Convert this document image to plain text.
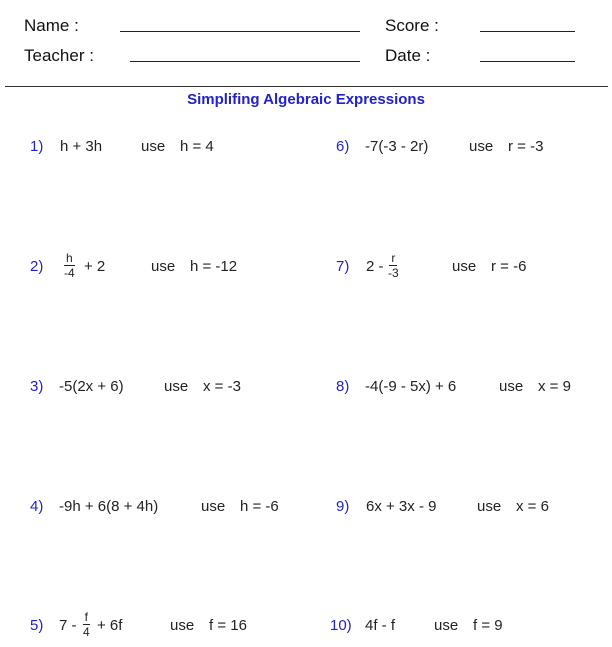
Name :
Teacher :
Score :
Date :
Simplifing Algebraic Expressions
1) h + 3h	use h = 4
$2) \frac{h}{-4} + 2$	use h = -12
3) -5(2x + 6)	use x = -3
4) -9h + 6(8 + 4h)	use h = -6
5) $7 - \frac{f}{4} + 6f$	use f = 16
6) -7(-3 - 2r)	use r = -3
7) $2 - \frac{r}{-3}$	use r = -6
8) -4(-9 - 5x) + 6	use x = 9
9) 6x + 3x - 9	use x = 6
10) 4f - f	use f = 9
